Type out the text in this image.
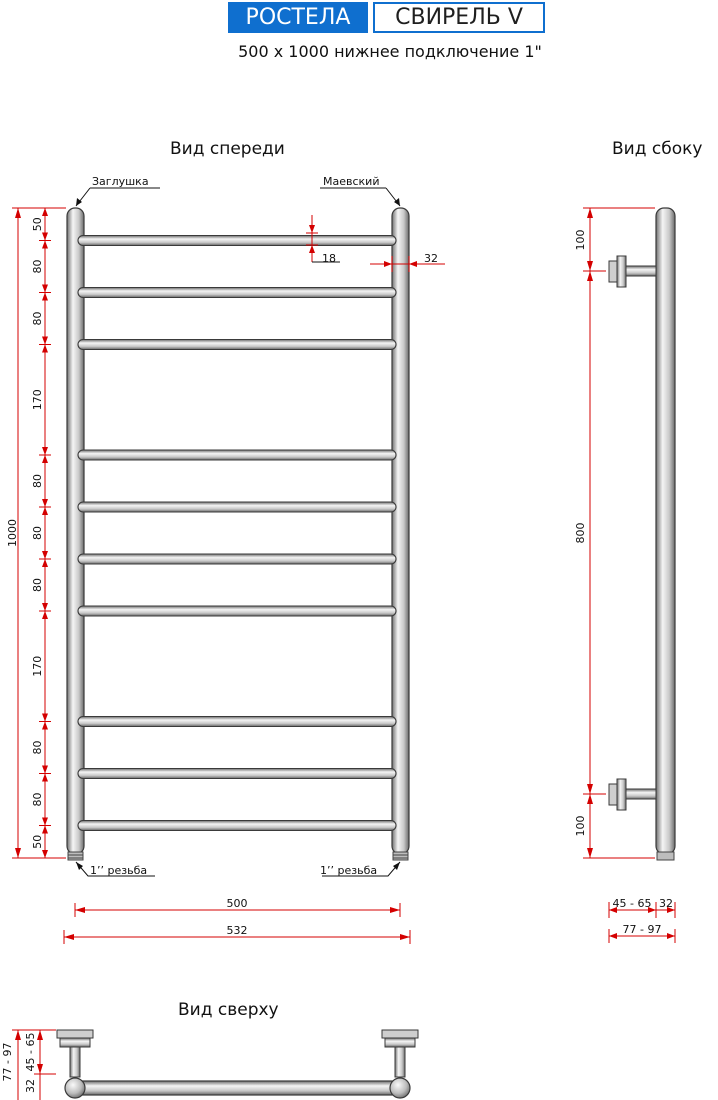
РОСТЕЛА	СВИРЕЛЬ V
500 x 1000 нижнее подключение 1"
Вид спереди	Вид сбоку
Вид сверху
Заглушка	Маевский
1’’ резьба	1’’ резьба
1000
50
80
80
170
80
80
80
170
80
80
50
18	32
500
532
100
800
100
45 - 65 32
77 - 97
77 - 97 45 - 65
32
